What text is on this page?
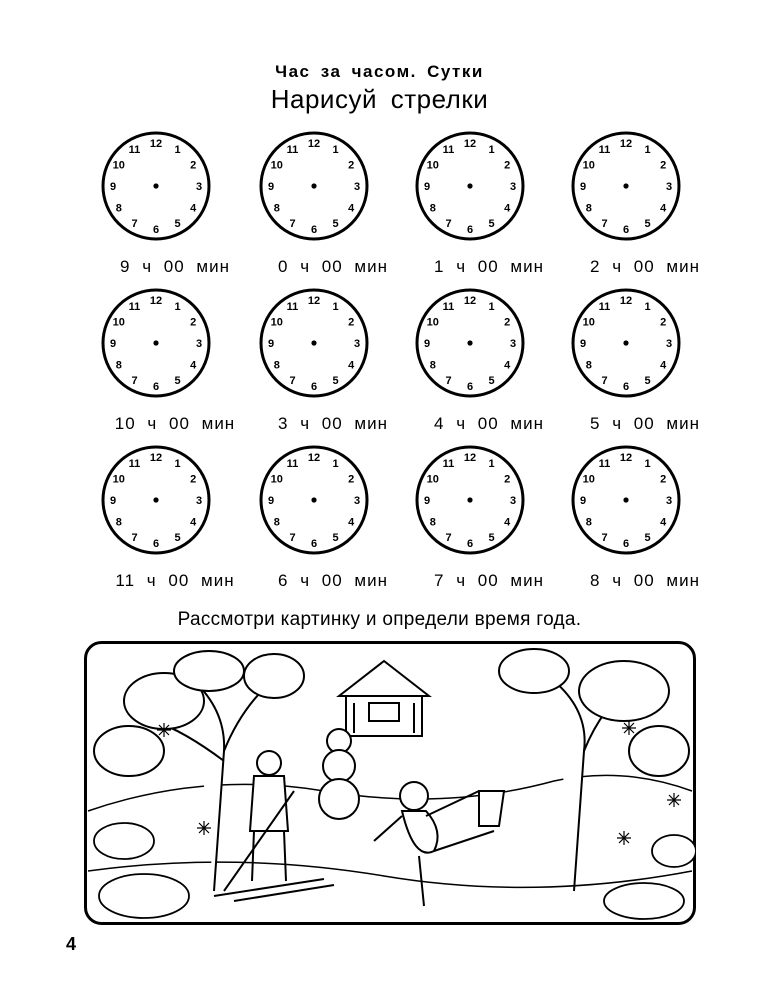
Час за часом. Сутки
Нарисуй стрелки
12 1
2
3
4
5
6
7
8
9
10
11
9 ч 00 мин
12 1
2
3
4
5
6
7
8
9
10
11
0 ч 00 мин
12 1
2
3
4
5
6
7
8
9
10
11
1 ч 00 мин
12 1
2
3
4
5
6
7
8
9
10
11
2 ч 00 мин
12 1
2
3
4
5
6
7
8
9
10
11
10 ч 00 мин
12 1
2
3
4
5
6
7
8
9
10
11
3 ч 00 мин
12 1
2
3
4
5
6
7
8
9
10
11
4 ч 00 мин
12 1
2
3
4
5
6
7
8
9
10
11
5 ч 00 мин
12 1
2
3
4
5
6
7
8
9
10
11
11 ч 00 мин
12 1
2
3
4
5
6
7
8
9
10
11
6 ч 00 мин
12 1
2
3
4
5
6
7
8
9
10
11
7 ч 00 мин
12 1
2
3
4
5
6
7
8
9
10
11
8 ч 00 мин
Рассмотри картинку и определи время года.
4
